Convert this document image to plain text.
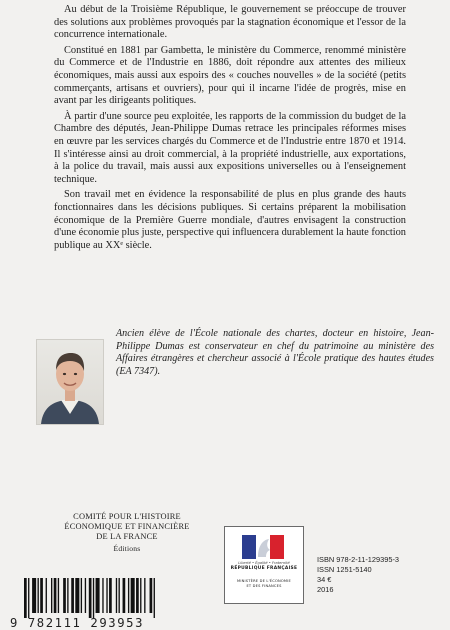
Au début de la Troisième République, le gouvernement se préoccupe de trouver des solutions aux problèmes provoqués par la stagnation économique et l'essor de la concurrence internationale.

Constitué en 1881 par Gambetta, le ministère du Commerce, renommé ministère du Commerce et de l'Industrie en 1886, doit répondre aux attentes des milieux économiques, mais aussi aux espoirs des « couches nouvelles » de la société (petits commerçants, artisans et ouvriers), pour qui il incarne l'idée de progrès, mise en avant par les dirigeants politiques.

À partir d'une source peu exploitée, les rapports de la commission du budget de la Chambre des députés, Jean-Philippe Dumas retrace les principales réformes mises en œuvre par les services chargés du Commerce et de l'Industrie entre 1870 et 1914. Il s'intéresse ainsi au droit commercial, à la propriété industrielle, aux exportations, à la police du travail, mais aussi aux expositions universelles ou à l'enseignement technique.

Son travail met en évidence la responsabilité de plus en plus grande des hauts fonctionnaires dans les décisions publiques. Si certains préparent la mobilisation économique de la Première Guerre mondiale, d'autres envisagent la construction d'une économie plus juste, perspective qui influencera durablement la haute fonction publique au XXᵉ siècle.

Ancien élève de l'École nationale des chartes, docteur en histoire, Jean-Philippe Dumas est conservateur en chef du patrimoine au ministère des Affaires étrangères et chercheur associé à l'École pratique des hautes études (EA 7347).
COMITÉ POUR L'HISTOIRE
ÉCONOMIQUE ET FINANCIÈRE
DE LA FRANCE
Éditions
Liberté • Égalité • Fraternité
RÉPUBLIQUE FRANÇAISE
MINISTÈRE DE L'ÉCONOMIE
ET DES FINANCES
9 782111 293953
ISBN 978-2-11-129395-3
ISSN 1251-5140
34 €
2016
